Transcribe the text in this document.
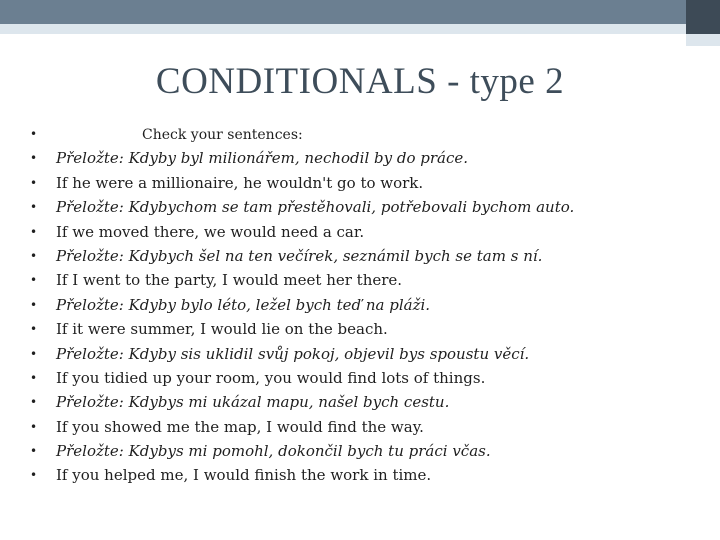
CONDITIONALS - type 2
•	Check your sentences:
• Přeložte: Kdyby byl milionářem, nechodil by do práce.
• If he were a millionaire, he wouldn't go to work.
• Přeložte: Kdybychom se tam přestěhovali, potřebovali bychom auto.
• If we moved there, we would need a car.
• Přeložte: Kdybych šel na ten večírek, seznámil bych se tam s ní.
• If I went to the party, I would meet her there.
• Přeložte: Kdyby bylo léto, ležel bych teď na pláži.
• If it were summer, I would lie on the beach.
• Přeložte: Kdyby sis uklidil svůj pokoj, objevil bys spoustu věcí.
• If you tidied up your room, you would find lots of things.
• Přeložte: Kdybys mi ukázal mapu, našel bych cestu.
• If you showed me the map, I would find the way.
• Přeložte: Kdybys mi pomohl, dokončil bych tu práci včas.
• If you helped me, I would finish the work in time.
